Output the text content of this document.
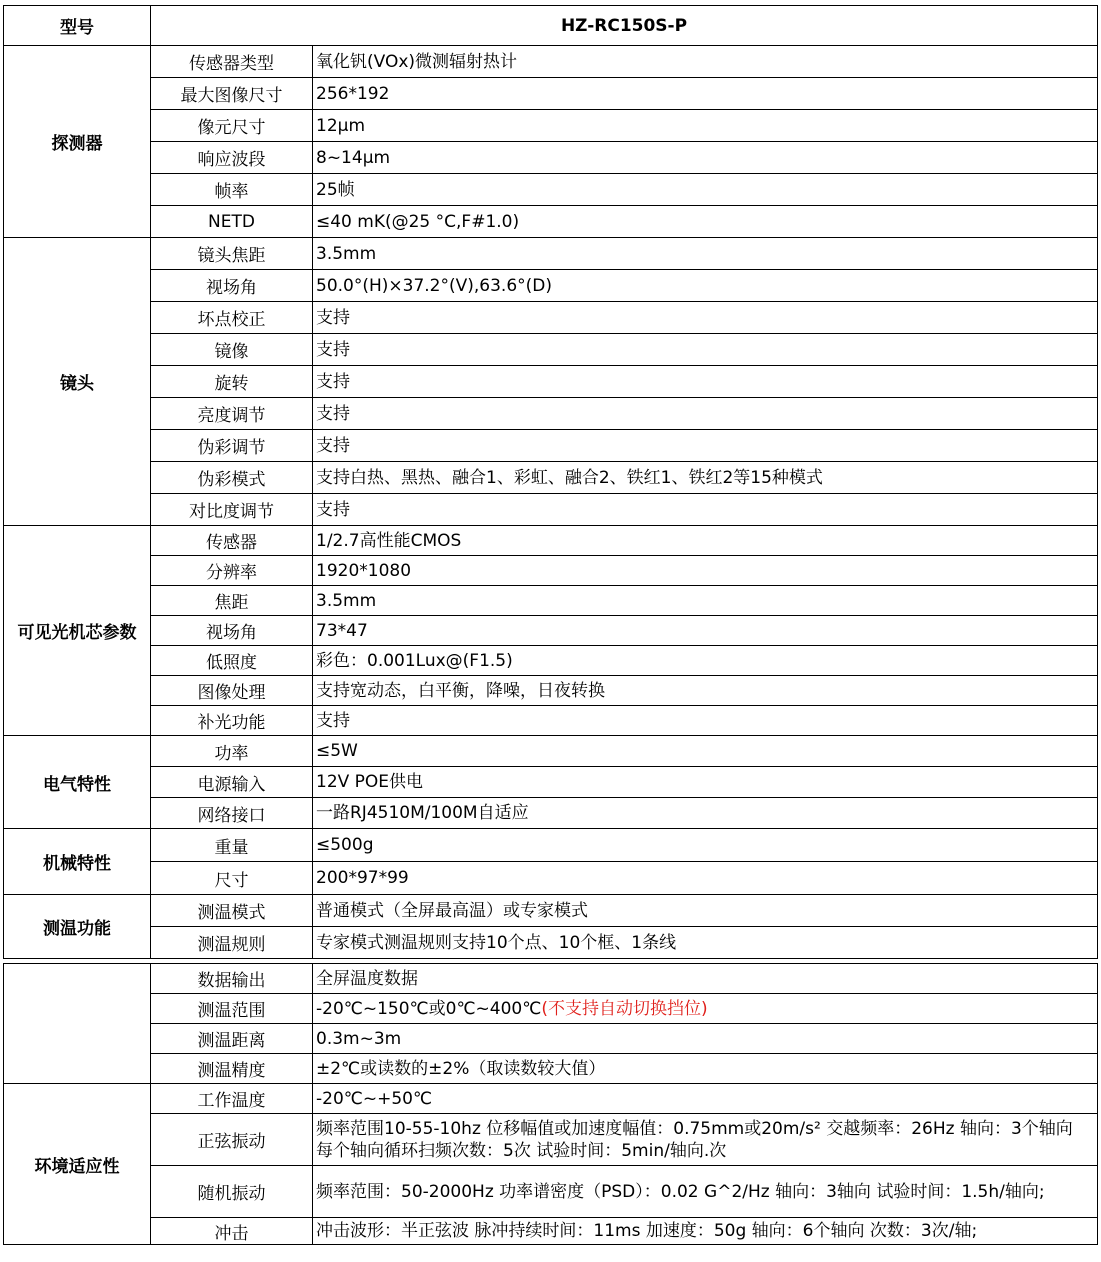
型号	HZ-RC150S-P	
探测器	传感器类型	氧化钒(VOx)微测辐射热计
	最大图像尺寸	256*192
	像元尺寸	12μm
	响应波段	8~14μm
	帧率	25帧
	NETD	≤40 mK(@25 °C,F#1.0)
镜头	镜头焦距	3.5mm
	视场角	50.0°(H)×37.2°(V),63.6°(D)
	坏点校正	支持
	镜像	支持
	旋转	支持
	亮度调节	支持
	伪彩调节	支持
	伪彩模式	支持白热、黑热、融合1、彩虹、融合2、铁红1、铁红2等15种模式
	对比度调节	支持
可见光机芯参数	传感器	1/2.7高性能CMOS
	分辨率	1920*1080
	焦距	3.5mm
	视场角	73*47
	低照度	彩色：0.001Lux@(F1.5)
	图像处理	支持宽动态，白平衡，降噪，日夜转换
	补光功能	支持
电气特性	功率	≤5W
	电源输入	12V POE供电
	网络接口	一路RJ4510M/100M自适应
机械特性	重量	≤500g
	尺寸	200*97*99
测温功能	测温模式	普通模式（全屏最高温）或专家模式
	测温规则	专家模式测温规则支持10个点、10个框、1条线

	数据输出	全屏温度数据
	测温范围	-20℃~150℃或0℃~400℃(不支持自动切换挡位)
	测温距离	0.3m~3m
	测温精度	±2℃或读数的±2%（取读数较大值）
环境适应性	工作温度	-20℃~+50℃
	正弦振动	频率范围10-55-10hz 位移幅值或加速度幅值：0.75mm或20m/s² 交越频率：26Hz 轴向：3个轴向 每个轴向循环扫频次数：5次 试验时间：5min/轴向.次
	随机振动	频率范围：50-2000Hz 功率谱密度（PSD）：0.02 G^2/Hz 轴向：3轴向 试验时间：1.5h/轴向;
	冲击	冲击波形：半正弦波 脉冲持续时间：11ms 加速度：50g 轴向：6个轴向 次数：3次/轴;
